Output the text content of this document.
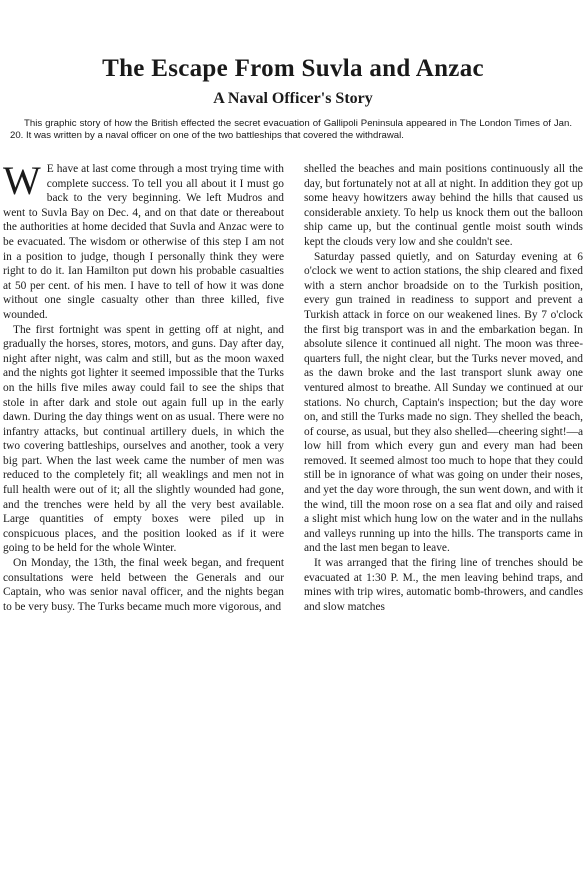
The Escape From Suvla and Anzac
A Naval Officer's Story

This graphic story of how the British effected the secret evacuation of Gallipoli Peninsula appeared in The London Times of Jan. 20. It was written by a naval officer on one of the two battleships that covered the withdrawal.

W E have at last come through a most trying time with complete success. To tell you all about it I must go back to the very beginning. We left Mudros and went to Suvla Bay on Dec. 4, and on that date or thereabout the authorities at home decided that Suvla and Anzac were to be evacuated. The wisdom or otherwise of this step I am not in a position to judge, though I personally think they were right to do it. Ian Hamilton put down his probable casualties at 50 per cent. of his men. I have to tell of how it was done without one single casualty other than three killed, five wounded.

The first fortnight was spent in getting off at night, and gradually the horses, stores, motors, and guns. Day after day, night after night, was calm and still, but as the moon waxed and the nights got lighter it seemed impossible that the Turks on the hills five miles away could fail to see the ships that stole in after dark and stole out again full up in the early dawn. During the day things went on as usual. There were no infantry attacks, but continual artillery duels, in which the two covering battleships, ourselves and another, took a very big part. When the last week came the number of men was reduced to the completely fit; all weaklings and men not in full health were out of it; all the slightly wounded had gone, and the trenches were held by all the very best available. Large quantities of empty boxes were piled up in conspicuous places, and the position looked as if it were going to be held for the whole Winter.

On Monday, the 13th, the final week began, and frequent consultations were held between the Generals and our Captain, who was senior naval officer, and the nights began to be very busy. The Turks became much more vigorous, and

shelled the beaches and main positions continuously all the day, but fortunately not at all at night. In addition they got up some heavy howitzers away behind the hills that caused us considerable anxiety. To help us knock them out the balloon ship came up, but the continual gentle moist south winds kept the clouds very low and she couldn't see.

Saturday passed quietly, and on Saturday evening at 6 o'clock we went to action stations, the ship cleared and fixed with a stern anchor broadside on to the Turkish position, every gun trained in readiness to support and prevent a Turkish attack in force on our weakened lines. By 7 o'clock the first big transport was in and the embarkation began. In absolute silence it continued all night. The moon was three-quarters full, the night clear, but the Turks never moved, and as the dawn broke and the last transport slunk away one ventured almost to breathe. All Sunday we continued at our stations. No church, Captain's inspection; but the day wore on, and still the Turks made no sign. They shelled the beach, of course, as usual, but they also shelled—cheering sight!—a low hill from which every gun and every man had been removed. It seemed almost too much to hope that they could still be in ignorance of what was going on under their noses, and yet the day wore through, the sun went down, and with it the wind, till the moon rose on a sea flat and oily and raised a slight mist which hung low on the water and in the nullahs and valleys running up into the hills. The transports came in and the last men began to leave.

It was arranged that the firing line of trenches should be evacuated at 1:30 P. M., the men leaving behind traps, and mines with trip wires, automatic bomb-throwers, and candles and slow matches
